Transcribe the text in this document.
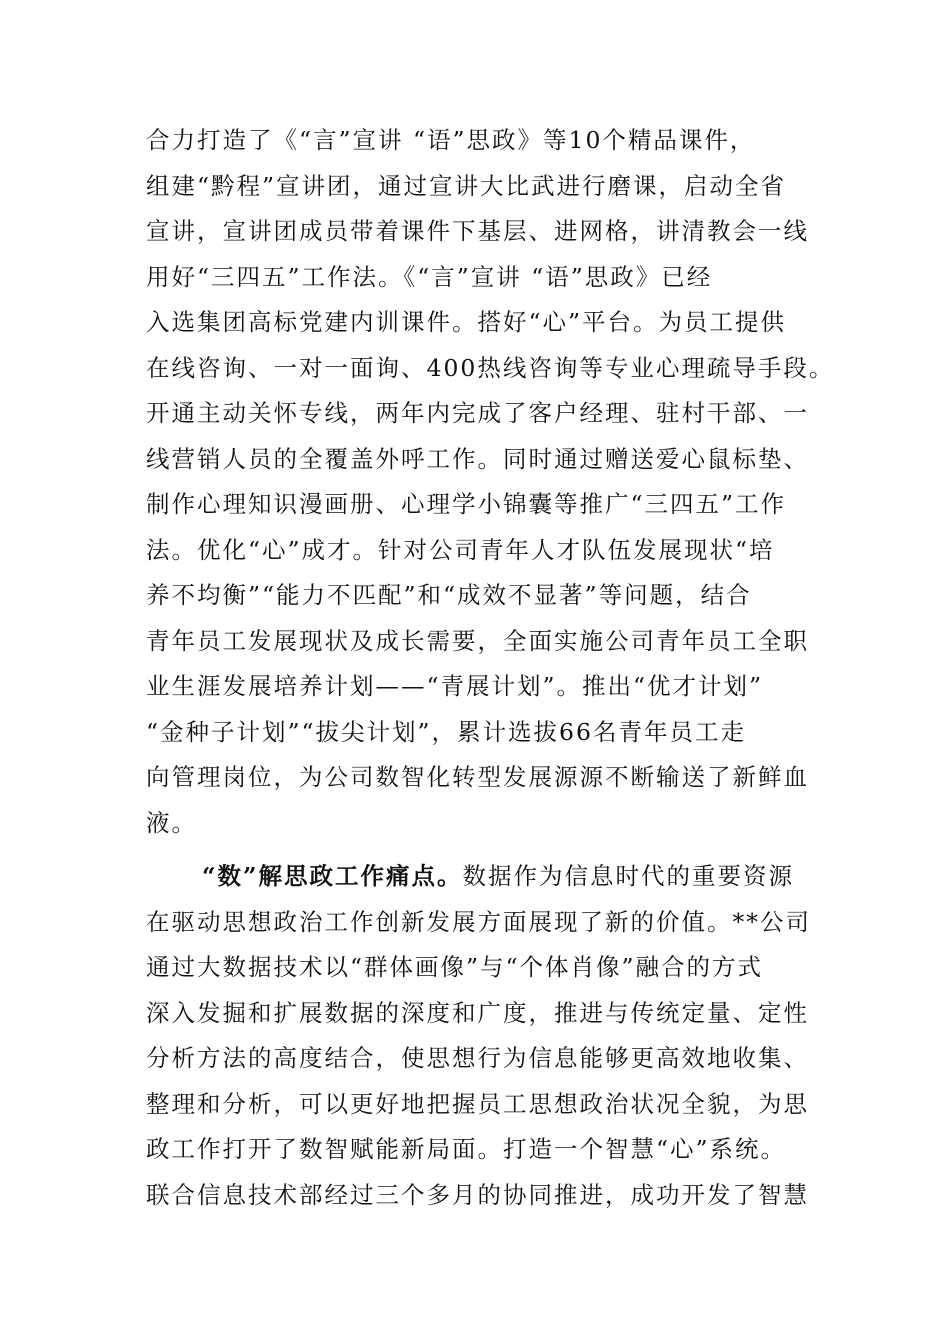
合力打造了《“言”宣讲 “语”思政》等10个精品课件，
组建“黔程”宣讲团，通过宣讲大比武进行磨课，启动全省
宣讲，宣讲团成员带着课件下基层、进网格，讲清教会一线
用好“三四五”工作法。《“言”宣讲 “语”思政》已经
入选集团高标党建内训课件。搭好“心”平台。为员工提供
在线咨询、一对一面询、400热线咨询等专业心理疏导手段。
开通主动关怀专线，两年内完成了客户经理、驻村干部、一
线营销人员的全覆盖外呼工作。同时通过赠送爱心鼠标垫、
制作心理知识漫画册、心理学小锦囊等推广“三四五”工作
法。优化“心”成才。针对公司青年人才队伍发展现状“培
养不均衡”“能力不匹配”和“成效不显著”等问题，结合
青年员工发展现状及成长需要，全面实施公司青年员工全职
业生涯发展培养计划——“青展计划”。推出“优才计划”
“金种子计划”“拔尖计划”，累计选拔66名青年员工走
向管理岗位，为公司数智化转型发展源源不断输送了新鲜血
液。
“数”解思政工作痛点。数据作为信息时代的重要资源
在驱动思想政治工作创新发展方面展现了新的价值。**公司
通过大数据技术以“群体画像”与“个体肖像”融合的方式
深入发掘和扩展数据的深度和广度，推进与传统定量、定性
分析方法的高度结合，使思想行为信息能够更高效地收集、
整理和分析，可以更好地把握员工思想政治状况全貌，为思
政工作打开了数智赋能新局面。打造一个智慧“心”系统。
联合信息技术部经过三个多月的协同推进，成功开发了智慧
